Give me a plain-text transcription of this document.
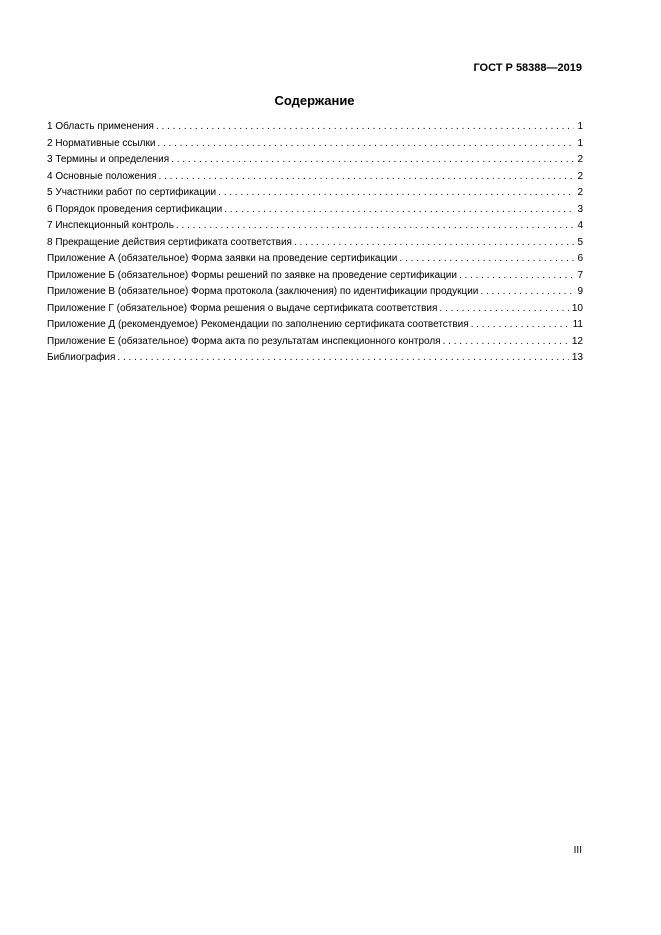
ГОСТ Р 58388—2019
Содержание
1 Область применения . . .	1
2 Нормативные ссылки . . .	1
3 Термины и определения . . .	2
4 Основные положения . . .	2
5 Участники работ по сертификации . . .	2
6 Порядок проведения сертификации . . .	3
7 Инспекционный контроль . . .	4
8 Прекращение действия сертификата соответствия . . .	5
Приложение А (обязательное) Форма заявки на проведение сертификации . . .	6
Приложение Б (обязательное) Формы решений по заявке на проведение сертификации . . .	7
Приложение В (обязательное) Форма протокола (заключения) по идентификации продукции . . .	9
Приложение Г (обязательное) Форма решения о выдаче сертификата соответствия . . .	10
Приложение Д (рекомендуемое) Рекомендации по заполнению сертификата соответствия . . .	11
Приложение Е (обязательное) Форма акта по результатам инспекционного контроля . . .	12
Библиография . . .	13
III
